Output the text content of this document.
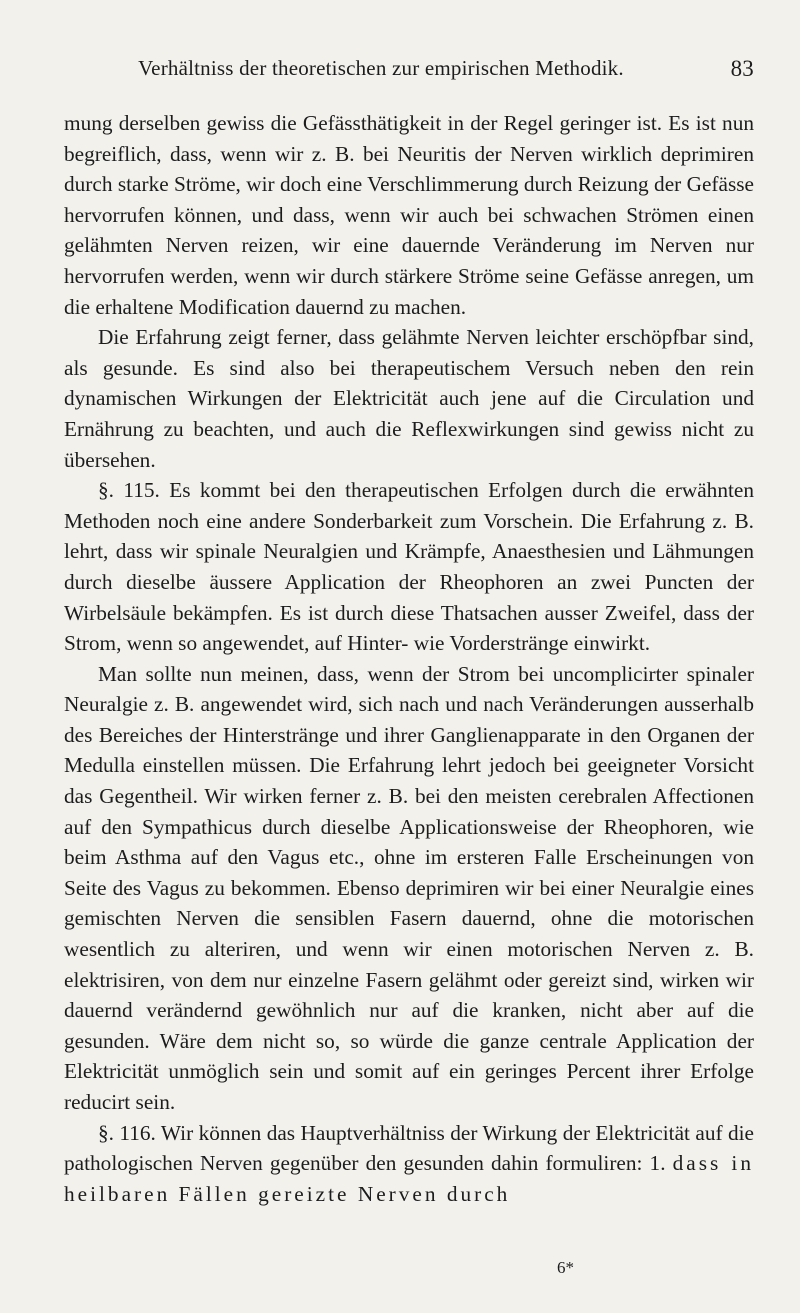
Verhältniss der theoretischen zur empirischen Methodik.	83

mung derselben gewiss die Gefässthätigkeit in der Regel geringer ist. Es ist nun begreiflich, dass, wenn wir z. B. bei Neuritis der Nerven wirklich deprimiren durch starke Ströme, wir doch eine Verschlimmerung durch Reizung der Gefässe hervorrufen können, und dass, wenn wir auch bei schwachen Strömen einen gelähmten Nerven reizen, wir eine dauernde Veränderung im Nerven nur hervorrufen werden, wenn wir durch stärkere Ströme seine Gefässe anregen, um die erhaltene Modification dauernd zu machen.

Die Erfahrung zeigt ferner, dass gelähmte Nerven leichter erschöpfbar sind, als gesunde. Es sind also bei therapeutischem Versuch neben den rein dynamischen Wirkungen der Elektricität auch jene auf die Circulation und Ernährung zu beachten, und auch die Reflexwirkungen sind gewiss nicht zu übersehen.

§. 115. Es kommt bei den therapeutischen Erfolgen durch die erwähnten Methoden noch eine andere Sonderbarkeit zum Vorschein. Die Erfahrung z. B. lehrt, dass wir spinale Neuralgien und Krämpfe, Anaesthesien und Lähmungen durch dieselbe äussere Application der Rheophoren an zwei Puncten der Wirbelsäule bekämpfen. Es ist durch diese Thatsachen ausser Zweifel, dass der Strom, wenn so angewendet, auf Hinter- wie Vorderstränge einwirkt.

Man sollte nun meinen, dass, wenn der Strom bei uncomplicirter spinaler Neuralgie z. B. angewendet wird, sich nach und nach Veränderungen ausserhalb des Bereiches der Hinterstränge und ihrer Ganglienapparate in den Organen der Medulla einstellen müssen. Die Erfahrung lehrt jedoch bei geeigneter Vorsicht das Gegentheil. Wir wirken ferner z. B. bei den meisten cerebralen Affectionen auf den Sympathicus durch dieselbe Applicationsweise der Rheophoren, wie beim Asthma auf den Vagus etc., ohne im ersteren Falle Erscheinungen von Seite des Vagus zu bekommen. Ebenso deprimiren wir bei einer Neuralgie eines gemischten Nerven die sensiblen Fasern dauernd, ohne die motorischen wesentlich zu alteriren, und wenn wir einen motorischen Nerven z. B. elektrisiren, von dem nur einzelne Fasern gelähmt oder gereizt sind, wirken wir dauernd verändernd gewöhnlich nur auf die kranken, nicht aber auf die gesunden. Wäre dem nicht so, so würde die ganze centrale Application der Elektricität unmöglich sein und somit auf ein geringes Percent ihrer Erfolge reducirt sein.

§. 116. Wir können das Hauptverhältniss der Wirkung der Elektricität auf die pathologischen Nerven gegenüber den gesunden dahin formuliren: 1. dass in heilbaren Fällen gereizte Nerven durch

6*
